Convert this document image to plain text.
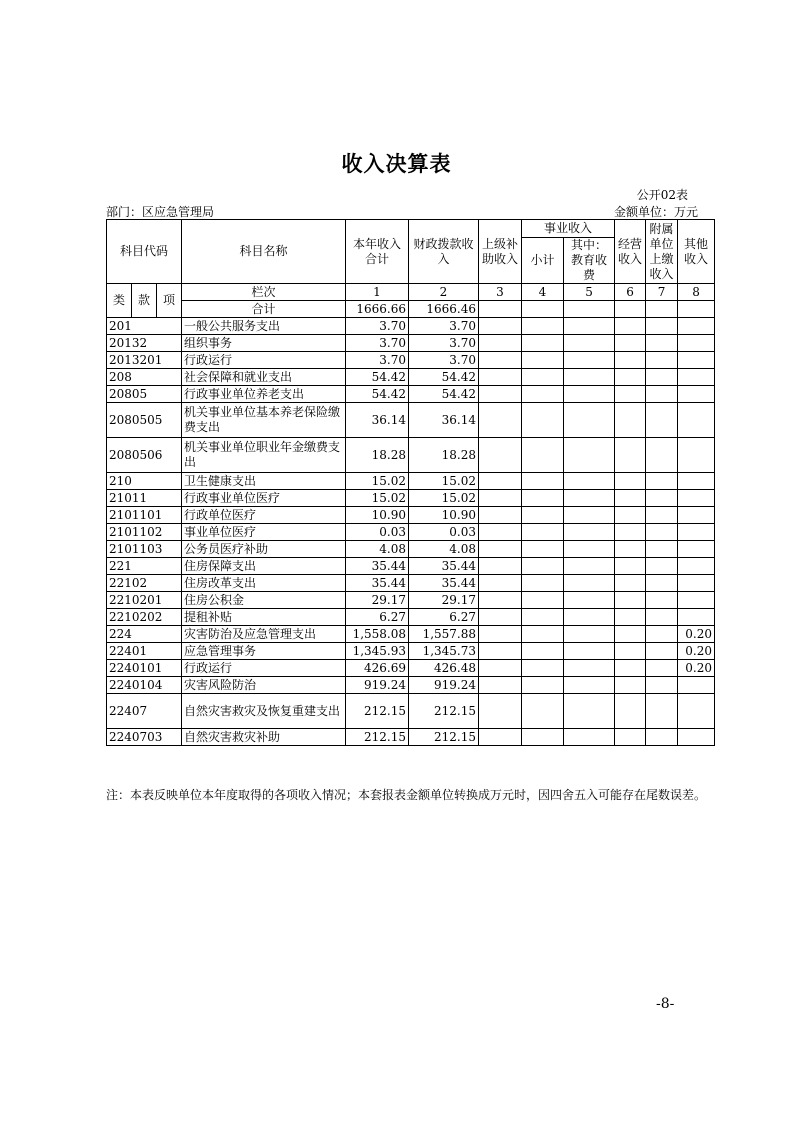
收入决算表
公开02表
部门：区应急管理局	金额单位：万元
科目代码			科目名称	本年收入合计	财政拨款收入	上级补助收入	事业收入		经营收入	附属单位上缴收入	其他收入
							小计	其中：教育收费			

类	款	项	栏次	1	2	3	4	5	6	7	8
			合计	1666.66	1666.46						
201			一般公共服务支出	3.70	3.70						
20132			组织事务	3.70	3.70						
2013201			行政运行	3.70	3.70						
208			社会保障和就业支出	54.42	54.42						
20805			行政事业单位养老支出	54.42	54.42						
2080505			机关事业单位基本养老保险缴费支出	36.14	36.14						
2080506			机关事业单位职业年金缴费支出	18.28	18.28						
210			卫生健康支出	15.02	15.02						
21011			行政事业单位医疗	15.02	15.02						
2101101			行政单位医疗	10.90	10.90						
2101102			事业单位医疗	0.03	0.03						
2101103			公务员医疗补助	4.08	4.08						
221			住房保障支出	35.44	35.44						
22102			住房改革支出	35.44	35.44						
2210201			住房公积金	29.17	29.17						
2210202			提租补贴	6.27	6.27						
224			灾害防治及应急管理支出	1,558.08	1,557.88						0.20
22401			应急管理事务	1,345.93	1,345.73						0.20
2240101			行政运行	426.69	426.48						0.20
2240104			灾害风险防治	919.24	919.24						
22407			自然灾害救灾及恢复重建支出	212.15	212.15						
2240703			自然灾害救灾补助	212.15	212.15						
注：本表反映单位本年度取得的各项收入情况；本套报表金额单位转换成万元时，因四舍五入可能存在尾数误差。
-8-
